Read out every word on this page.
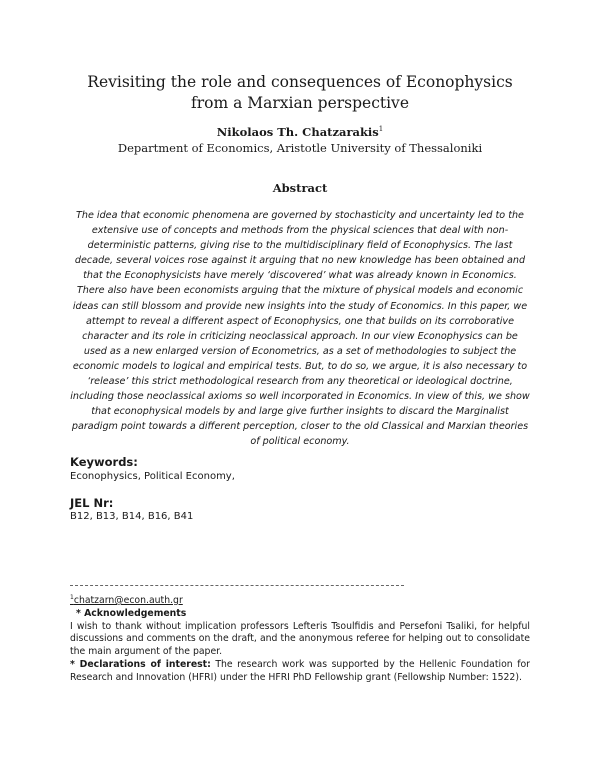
Revisiting the role and consequences of Econophysics from a Marxian perspective
Nikolaos Th. Chatzarakis$^1$
Department of Economics, Aristotle University of Thessaloniki
Abstract
The idea that economic phenomena are governed by stochasticity and uncertainty led to the extensive use of concepts and methods from the physical sciences that deal with non-deterministic patterns, giving rise to the multidisciplinary field of Econophysics. The last decade, several voices rose against it arguing that no new knowledge has been obtained and that the Econophysicists have merely ‘discovered’ what was already known in Economics. There also have been economists arguing that the mixture of physical models and economic ideas can still blossom and provide new insights into the study of Economics. In this paper, we attempt to reveal a different aspect of Econophysics, one that builds on its corroborative character and its role in criticizing neoclassical approach. In our view Econophysics can be used as a new enlarged version of Econometrics, as a set of methodologies to subject the economic models to logical and empirical tests. But, to do so, we argue, it is also necessary to ‘release’ this strict methodological research from any theoretical or ideological doctrine, including those neoclassical axioms so well incorporated in Economics. In view of this, we show that econophysical models by and large give further insights to discard the Marginalist paradigm point towards a different perception, closer to the old Classical and Marxian theories of political economy.
Keywords:
Econophysics, Political Economy,
JEL Nr:
B12, B13, B14, B16, B41
$^1$chatzarn@econ.auth.gr
* Acknowledgements
I wish to thank without implication professors Lefteris Tsoulfidis and Persefoni Tsaliki, for helpful discussions and comments on the draft, and the anonymous referee for helping out to consolidate the main argument of the paper.
* Declarations of interest: The research work was supported by the Hellenic Foundation for Research and Innovation (HFRI) under the HFRI PhD Fellowship grant (Fellowship Number: 1522).
